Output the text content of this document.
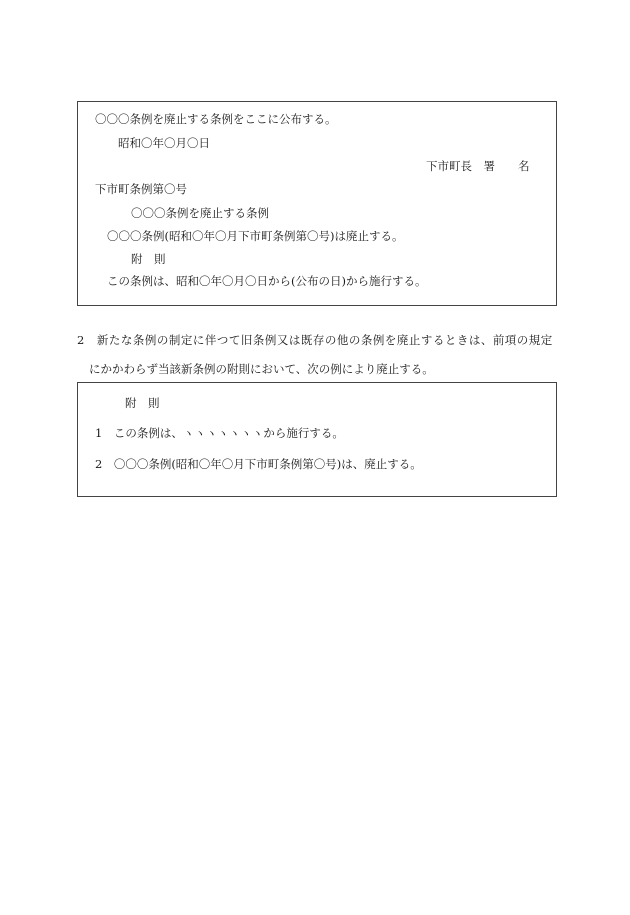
〇〇〇条例を廃止する条例をここに公布する。
昭和〇年〇月〇日
下市町長　署　　名
下市町条例第〇号
〇〇〇条例を廃止する条例
〇〇〇条例(昭和〇年〇月下市町条例第〇号)は廃止する。
附　則
この条例は、昭和〇年〇月〇日から(公布の日)から施行する。
2　新たな条例の制定に伴つて旧条例又は既存の他の条例を廃止するときは、前項の規定
にかかわらず当該新条例の附則において、次の例により廃止する。
附　則
1　この条例は、ヽヽヽヽヽヽヽから施行する。
2　〇〇〇条例(昭和〇年〇月下市町条例第〇号)は、廃止する。
